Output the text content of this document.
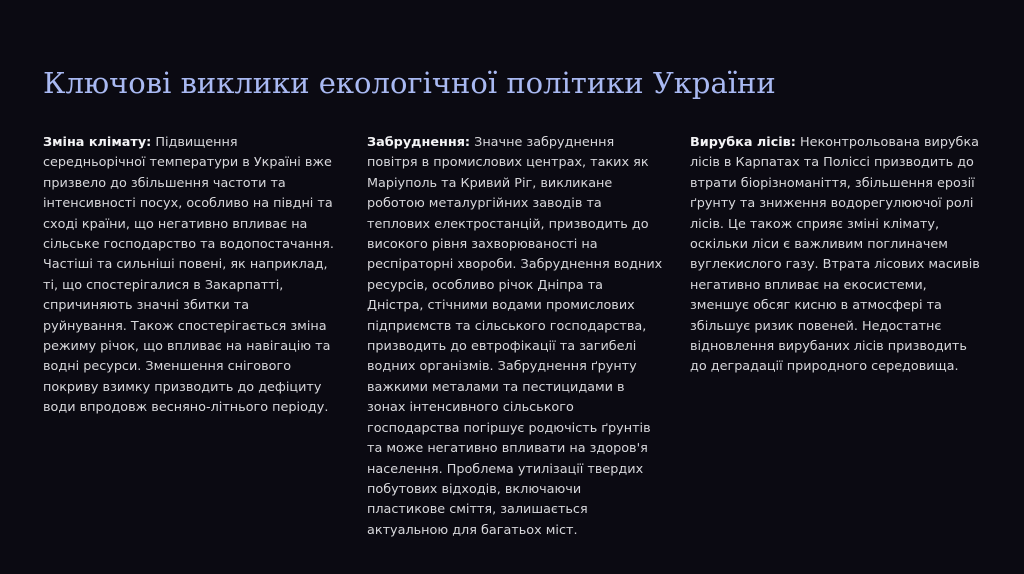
Ключові виклики екологічної політики України

Зміна клімату: Підвищення середньорічної температури в Україні вже призвело до збільшення частоти та інтенсивності посух, особливо на півдні та сході країни, що негативно впливає на сільське господарство та водопостачання. Частіші та сильніші повені, як наприклад, ті, що спостерігалися в Закарпатті, спричиняють значні збитки та руйнування. Також спостерігається зміна режиму річок, що впливає на навігацію та водні ресурси. Зменшення снігового покриву взимку призводить до дефіциту води впродовж весняно-літнього періоду.

Забруднення: Значне забруднення повітря в промислових центрах, таких як Маріуполь та Кривий Ріг, викликане роботою металургійних заводів та теплових електростанцій, призводить до високого рівня захворюваності на респіраторні хвороби. Забруднення водних ресурсів, особливо річок Дніпра та Дністра, стічними водами промислових підприємств та сільського господарства, призводить до евтрофікації та загибелі водних організмів. Забруднення ґрунту важкими металами та пестицидами в зонах інтенсивного сільського господарства погіршує родючість ґрунтів та може негативно впливати на здоров'я населення. Проблема утилізації твердих побутових відходів, включаючи пластикове сміття, залишається актуальною для багатьох міст.

Вирубка лісів: Неконтрольована вирубка лісів в Карпатах та Поліссі призводить до втрати біорізноманіття, збільшення ерозії ґрунту та зниження водорегулюючої ролі лісів. Це також сприяє зміні клімату, оскільки ліси є важливим поглиначем вуглекислого газу. Втрата лісових масивів негативно впливає на екосистеми, зменшує обсяг кисню в атмосфері та збільшує ризик повеней. Недостатнє відновлення вирубаних лісів призводить до деградації природного середовища.
